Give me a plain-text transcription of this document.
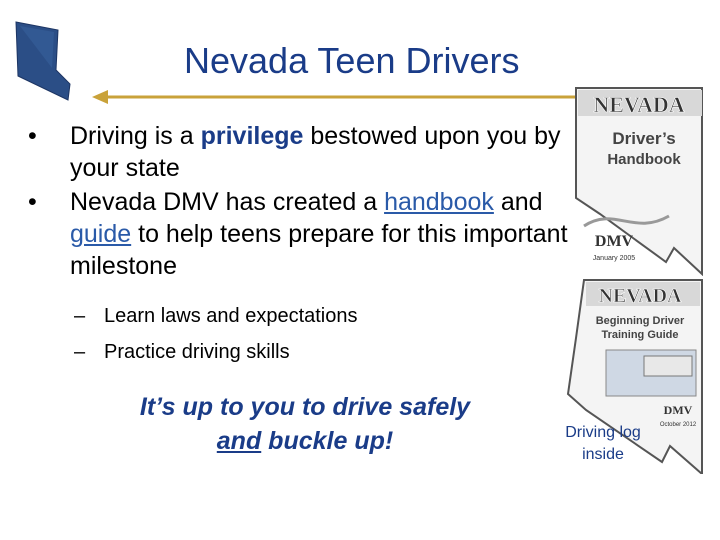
Nevada Teen Drivers
• Driving is a privilege bestowed upon you by your state
• Nevada DMV has created a handbook and guide to help teens prepare for this important milestone
– Learn laws and expectations
– Practice driving skills
It’s up to you to drive safely
and buckle up!
NEVADA
Driver’s
Handbook
DMV
January 2005
NEVADA
Beginning Driver
Training Guide
DMV
October 2012
Driving log inside
